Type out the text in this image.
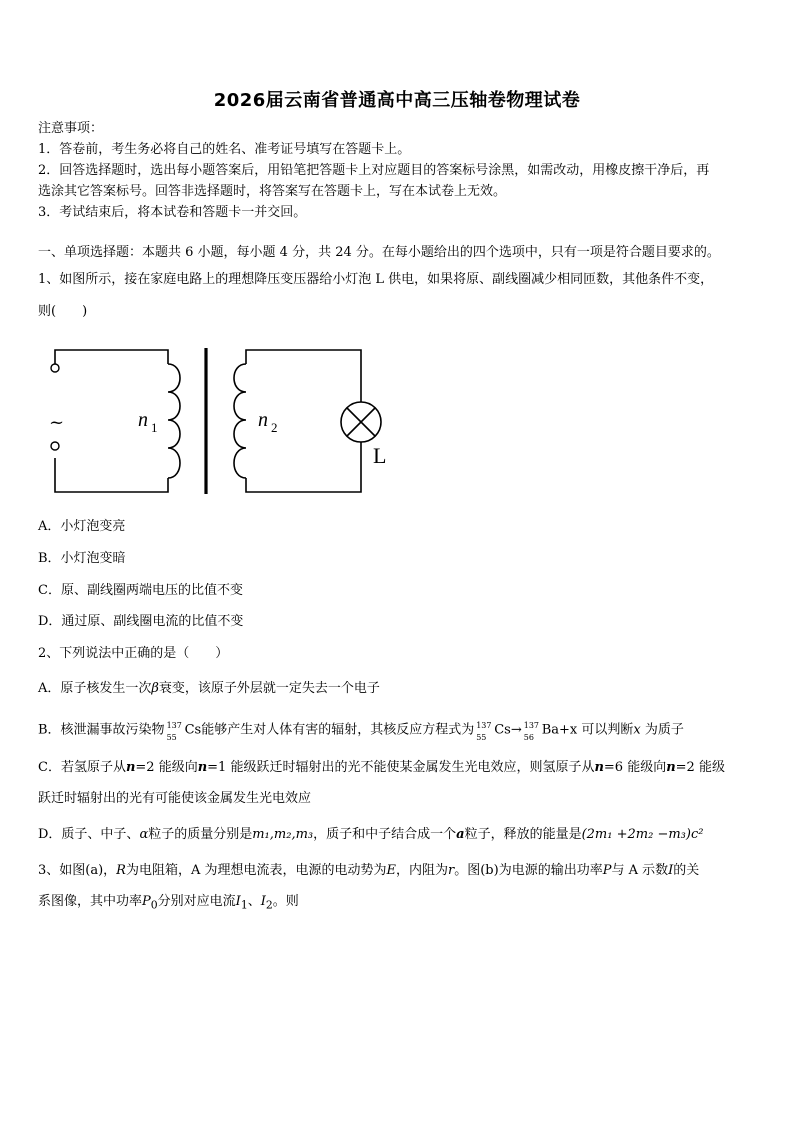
2026届云南省普通高中高三压轴卷物理试卷
注意事项：
1．答卷前，考生务必将自己的姓名、准考证号填写在答题卡上。
2．回答选择题时，选出每小题答案后，用铅笔把答题卡上对应题目的答案标号涂黑，如需改动，用橡皮擦干净后，再
选涂其它答案标号。回答非选择题时，将答案写在答题卡上，写在本试卷上无效。
3．考试结束后，将本试卷和答题卡一并交回。
一、单项选择题：本题共 6 小题，每小题 4 分，共 24 分。在每小题给出的四个选项中，只有一项是符合题目要求的。
1、如图所示，接在家庭电路上的理想降压变压器给小灯泡 L 供电，如果将原、副线圈减少相同匝数，其他条件不变，
则(　　)
~	n 1	n 2
L
A．小灯泡变亮
B．小灯泡变暗
C．原、副线圈两端电压的比值不变
D．通过原、副线圈电流的比值不变
2、下列说法中正确的是（　　）
A．原子核发生一次β衰变，该原子外层就一定失去一个电子
B．核泄漏事故污染物 137
55 Cs能够产生对人体有害的辐射，其核反应方程式为 137
55 Cs→ 137
56 Ba+x 可以判断x 为质子
C．若氢原子从n=2 能级向n=1 能级跃迁时辐射出的光不能使某金属发生光电效应，则氢原子从n=6 能级向n=2 能级
跃迁时辐射出的光有可能使该金属发生光电效应
D．质子、中子、α粒子的质量分别是m₁,m₂,m₃，质子和中子结合成一个a粒子，释放的能量是(2m₁ +2m₂ −m₃)c²
3、如图(a)，R为电阻箱，A 为理想电流表，电源的电动势为E，内阻为r。图(b)为电源的输出功率P与 A 示数I的关
系图像，其中功率$P_0$分别对应电流$I_1$、$I_2$。则
